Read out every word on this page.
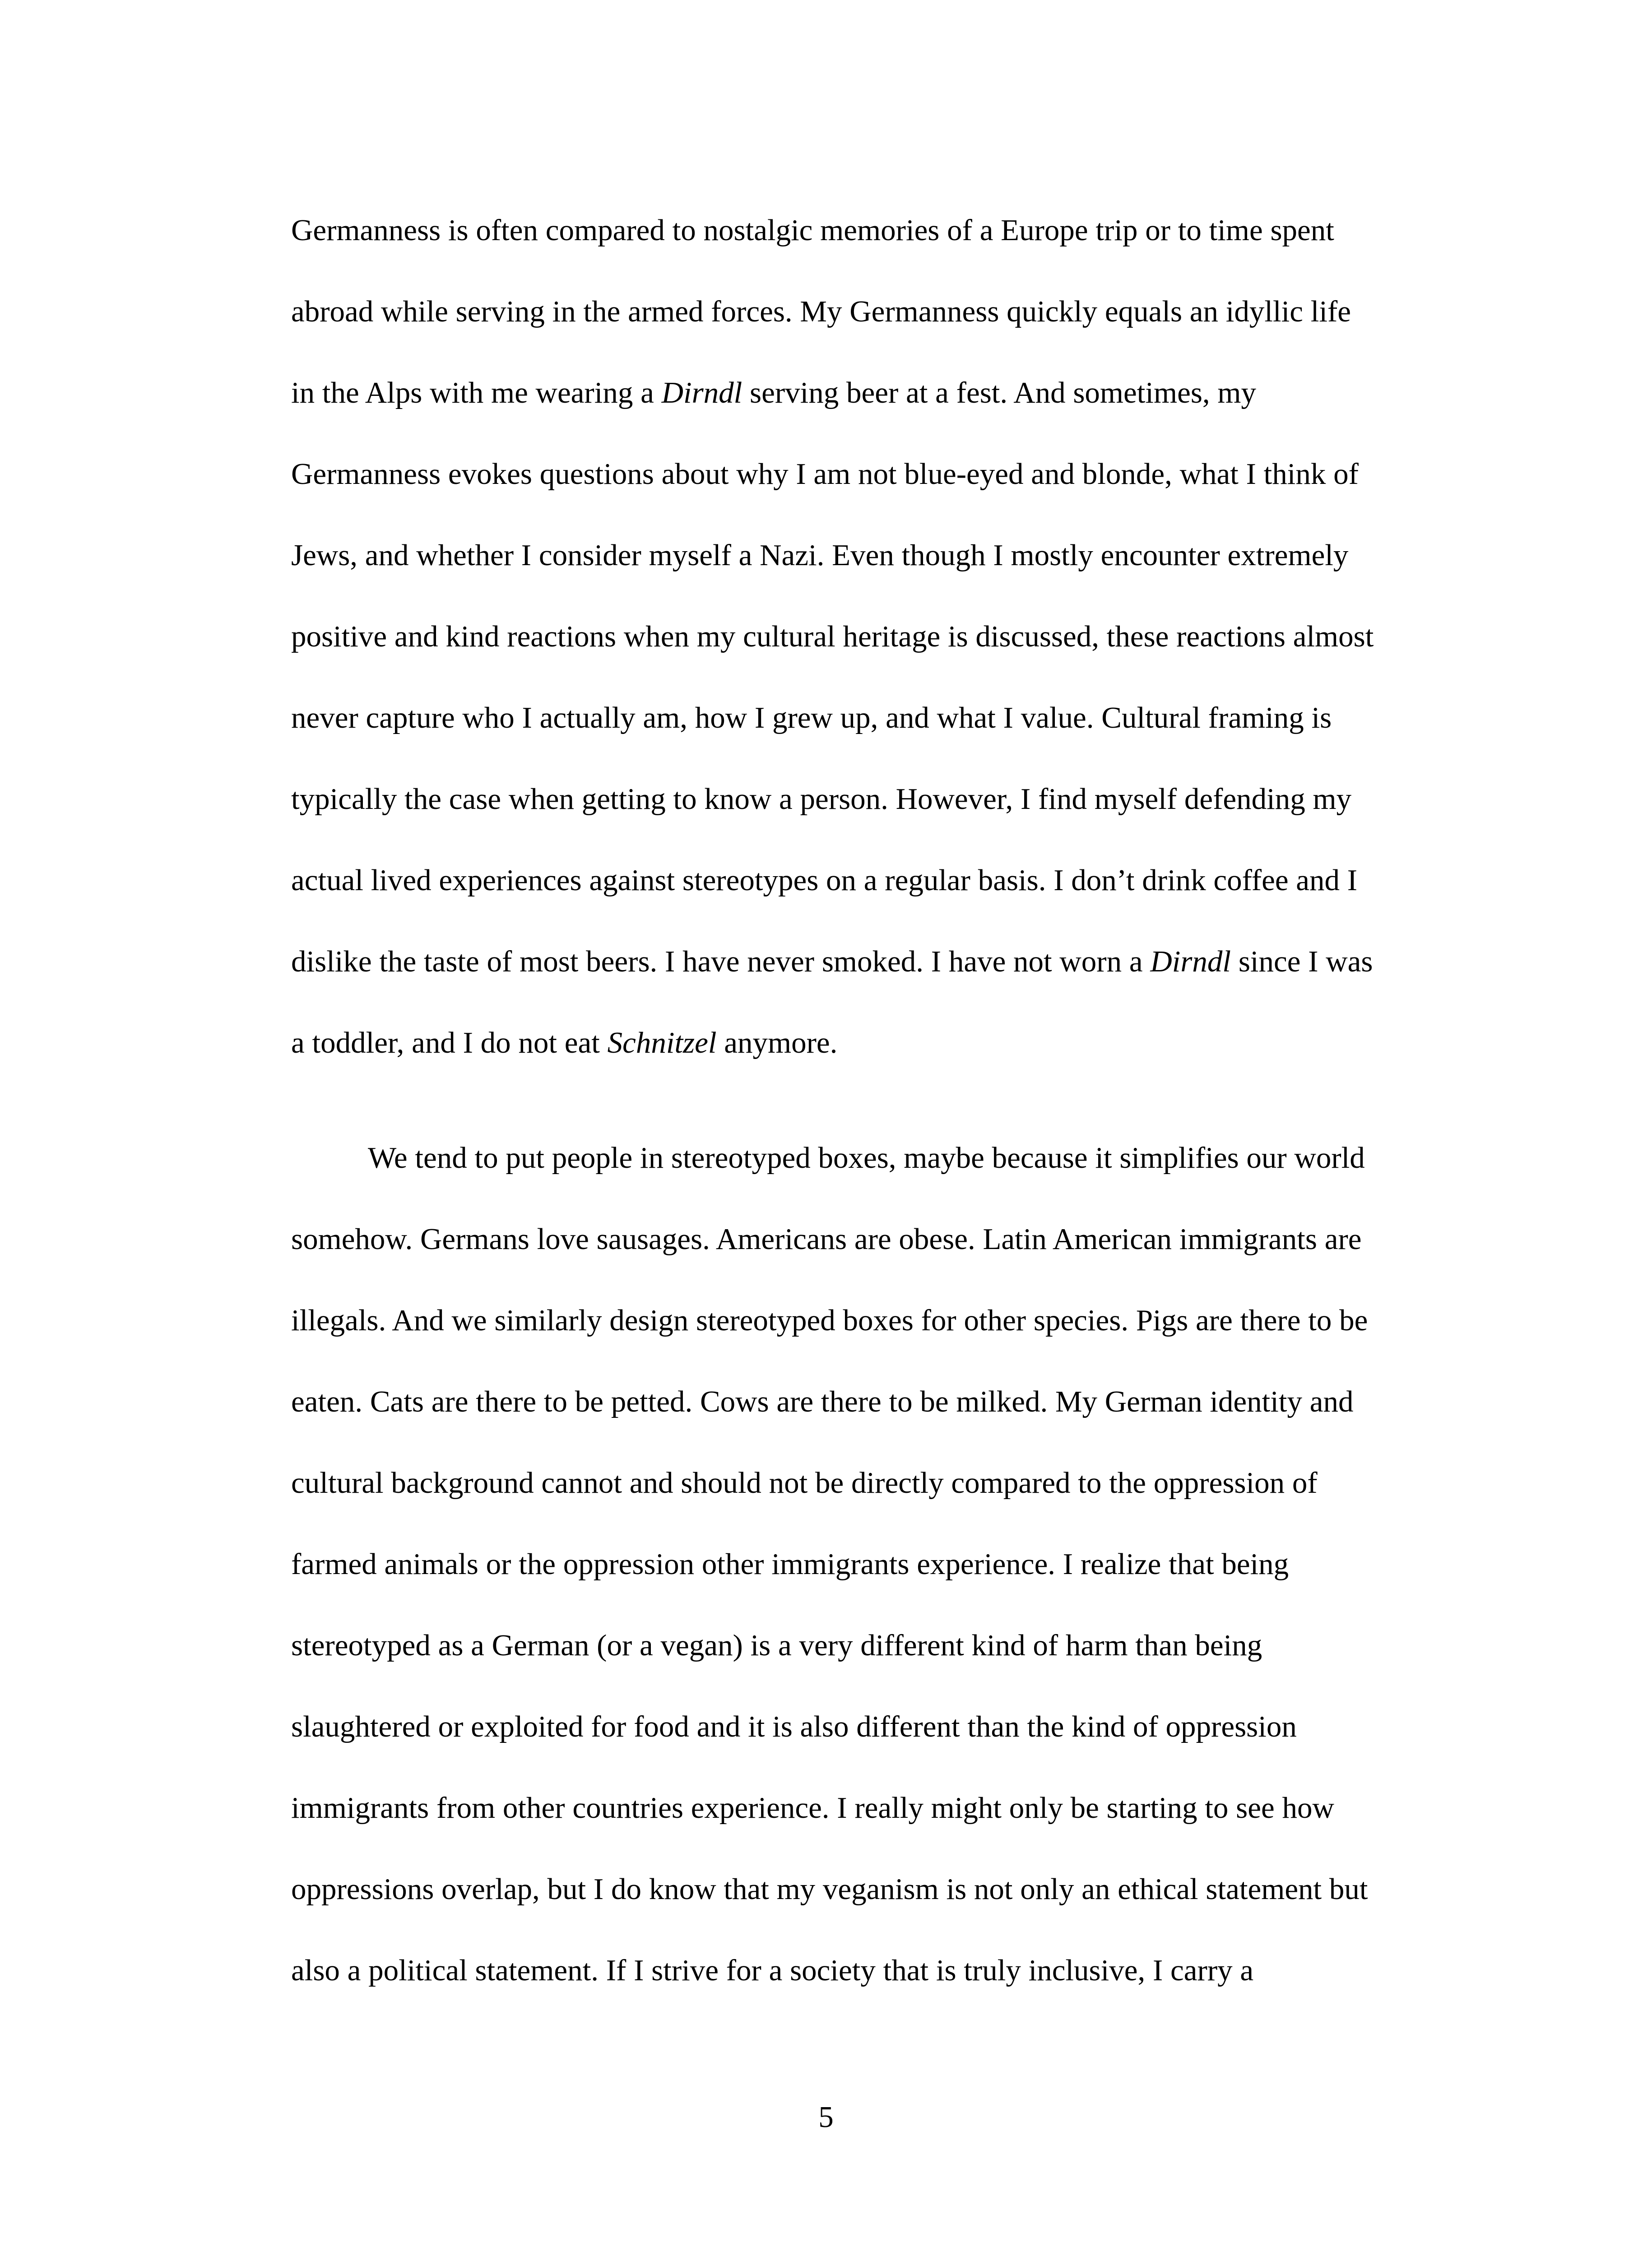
Germanness is often compared to nostalgic memories of a Europe trip or to time spent
abroad while serving in the armed forces. My Germanness quickly equals an idyllic life
in the Alps with me wearing a Dirndl serving beer at a fest. And sometimes, my
Germanness evokes questions about why I am not blue-eyed and blonde, what I think of
Jews, and whether I consider myself a Nazi. Even though I mostly encounter extremely
positive and kind reactions when my cultural heritage is discussed, these reactions almost
never capture who I actually am, how I grew up, and what I value. Cultural framing is
typically the case when getting to know a person. However, I find myself defending my
actual lived experiences against stereotypes on a regular basis. I don’t drink coffee and I
dislike the taste of most beers. I have never smoked. I have not worn a Dirndl since I was
a toddler, and I do not eat Schnitzel anymore.
We tend to put people in stereotyped boxes, maybe because it simplifies our world
somehow. Germans love sausages. Americans are obese. Latin American immigrants are
illegals. And we similarly design stereotyped boxes for other species. Pigs are there to be
eaten. Cats are there to be petted. Cows are there to be milked. My German identity and
cultural background cannot and should not be directly compared to the oppression of
farmed animals or the oppression other immigrants experience. I realize that being
stereotyped as a German (or a vegan) is a very different kind of harm than being
slaughtered or exploited for food and it is also different than the kind of oppression
immigrants from other countries experience. I really might only be starting to see how
oppressions overlap, but I do know that my veganism is not only an ethical statement but
also a political statement. If I strive for a society that is truly inclusive, I carry a
5
